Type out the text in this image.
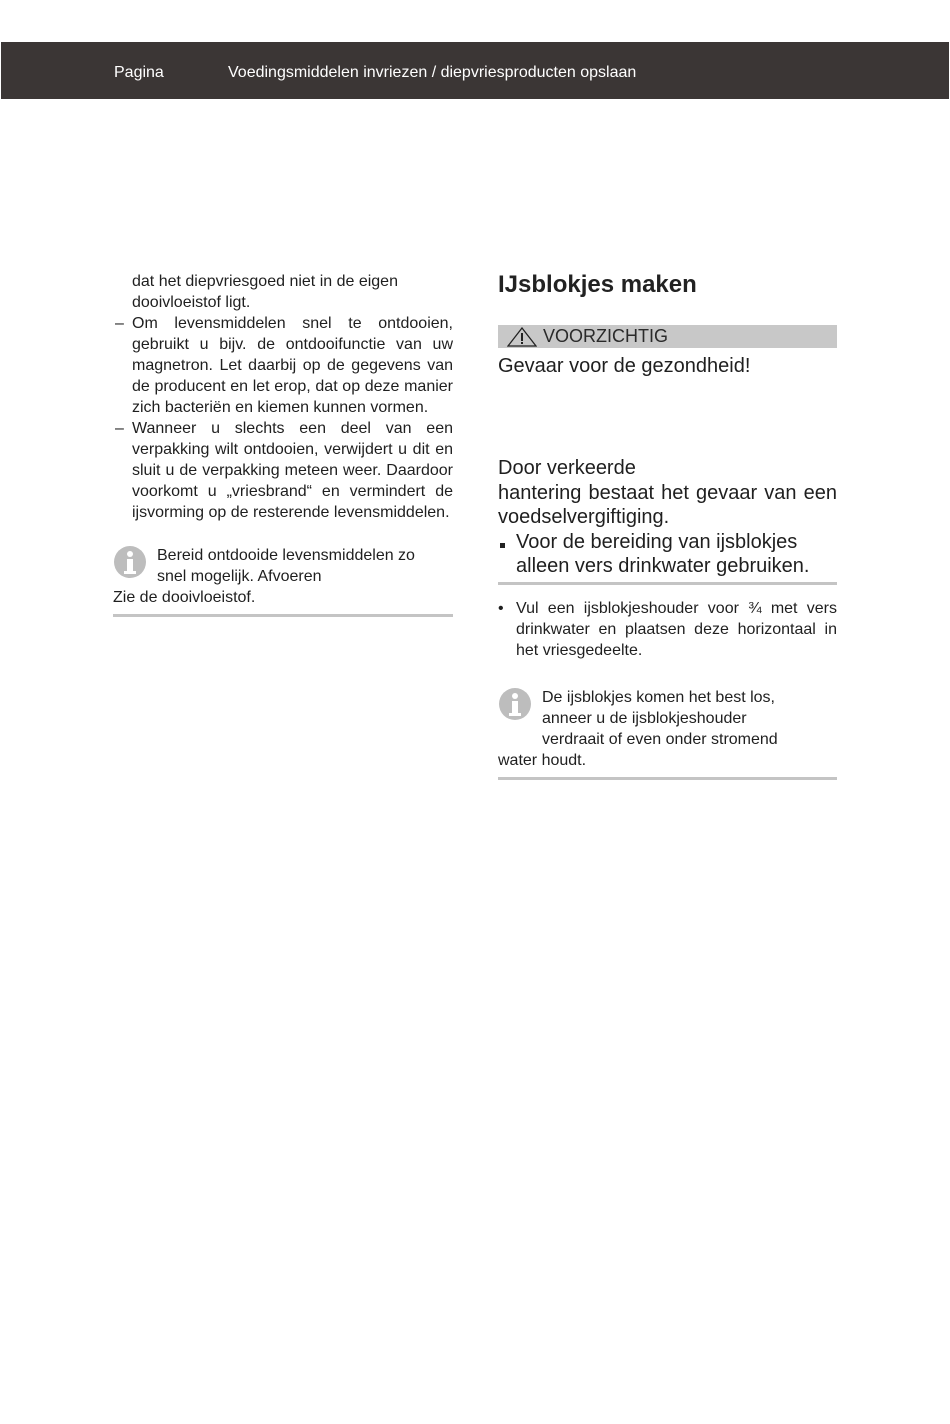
Pagina	Voedingsmiddelen invriezen / diepvriesproducten opslaan

dat het diepvriesgoed niet in de eigen dooivloeistof ligt.

– Om levensmiddelen snel te ontdooien, gebruikt u bijv. de ontdooifunctie van uw magnetron. Let daarbij op de gegevens van de producent en let erop, dat op deze manier zich bacteriën en kiemen kunnen vormen.
– Wanneer u slechts een deel van een verpakking wilt ontdooien, verwijdert u dit en sluit u de verpakking meteen weer. Daardoor voorkomt u „vriesbrand“ en vermindert de ijsvorming op de resterende levensmiddelen.
Bereid ontdooide levensmiddelen zo
snel mogelijk. Afvoeren
Zie de dooivloeistof.
IJsblokjes maken
VOORZICHTIG
Gevaar voor de gezondheid!
Door verkeerde
hantering bestaat het gevaar van een voedselvergiftiging.
Voor de bereiding van ijsblokjes alleen vers drinkwater gebruiken.
• Vul een ijsblokjeshouder voor ¾ met vers drinkwater en plaatsen deze horizontaal in het vriesgedeelte.
De ijsblokjes komen het best los,
anneer u de ijsblokjeshouder
verdraait of even onder stromend
water houdt.
